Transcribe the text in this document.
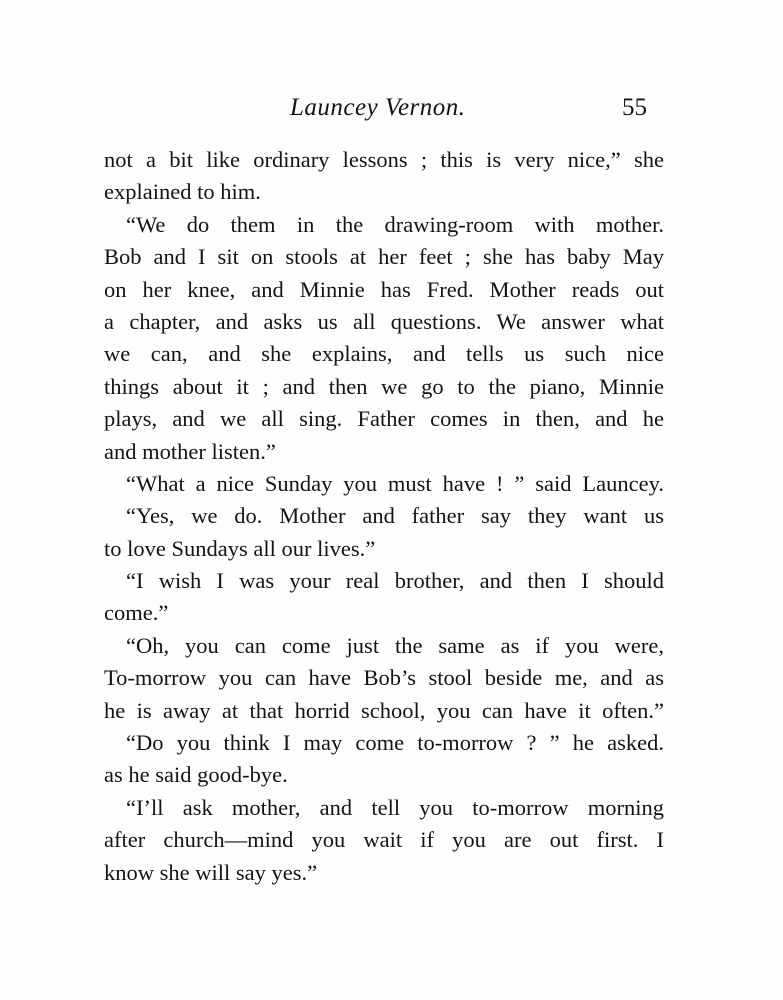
Launcey Vernon.	55

not a bit like ordinary lessons ; this is very nice,” she
explained to him.

“We do them in the drawing-room with mother.
Bob and I sit on stools at her feet ; she has baby May
on her knee, and Minnie has Fred. Mother reads out
a chapter, and asks us all questions. We answer what
we can, and she explains, and tells us such nice
things about it ; and then we go to the piano, Minnie
plays, and we all sing. Father comes in then, and he
and mother listen.”

“What a nice Sunday you must have ! ” said Launcey.

“Yes, we do. Mother and father say they want us
to love Sundays all our lives.”

“I wish I was your real brother, and then I should
come.”

“Oh, you can come just the same as if you were,
To-morrow you can have Bob’s stool beside me, and as
he is away at that horrid school, you can have it often.”

“Do you think I may come to-morrow ? ” he asked.
as he said good-bye.

“I’ll ask mother, and tell you to-morrow morning
after church—mind you wait if you are out first. I
know she will say yes.”
